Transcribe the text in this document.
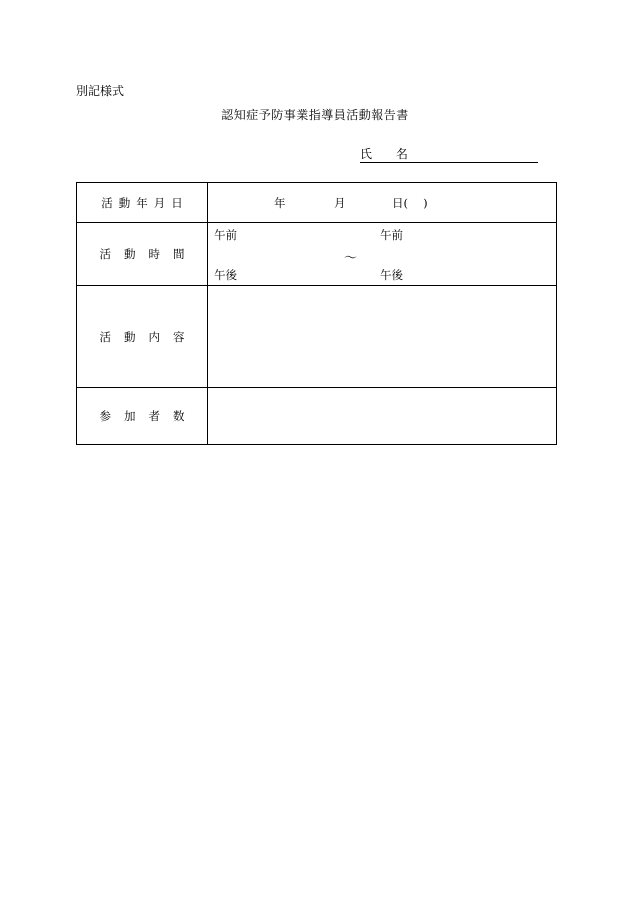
別記様式
認知症予防事業指導員活動報告書
氏 名
活動年月日	年 月 日(　 )

活動時間	午前 午前
～
午後 午後

活動内容	
参加者数	
